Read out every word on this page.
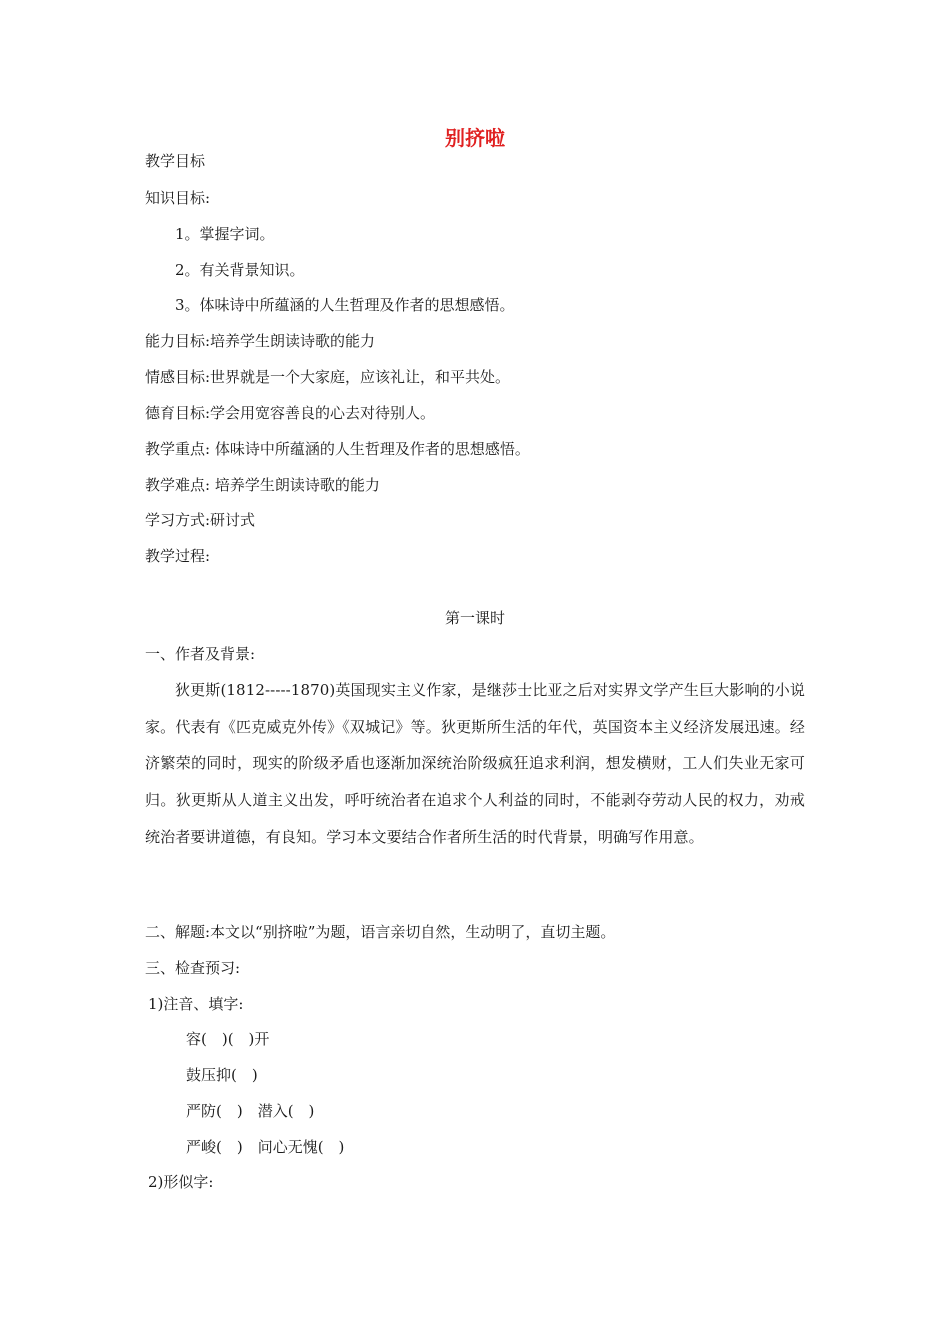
别挤啦
教学目标
知识目标:
1。掌握字词。
2。有关背景知识。
3。体味诗中所蕴涵的人生哲理及作者的思想感悟。
能力目标:培养学生朗读诗歌的能力
情感目标:世界就是一个大家庭，应该礼让，和平共处。
德育目标:学会用宽容善良的心去对待别人。
教学重点: 体味诗中所蕴涵的人生哲理及作者的思想感悟。
教学难点: 培养学生朗读诗歌的能力
学习方式:研讨式
教学过程:
第一课时
一、作者及背景:
狄更斯(1812-----1870)英国现实主义作家，是继莎士比亚之后对实界文学产生巨大影响的小说家。代表有《匹克威克外传》《双城记》等。狄更斯所生活的年代，英国资本主义经济发展迅速。经济繁荣的同时，现实的阶级矛盾也逐渐加深统治阶级疯狂追求利润，想发横财，工人们失业无家可归。狄更斯从人道主义出发，呼吁统治者在追求个人利益的同时，不能剥夺劳动人民的权力，劝戒统治者要讲道德，有良知。学习本文要结合作者所生活的时代背景，明确写作用意。
二、解题:本文以“别挤啦”为题，语言亲切自然，生动明了，直切主题。
三、检查预习:
1)注音、填字:
容(　)(　)开
鼓压抑(　)
严防(　)　潜入(　)
严峻(　)　问心无愧(　)
2)形似字:
